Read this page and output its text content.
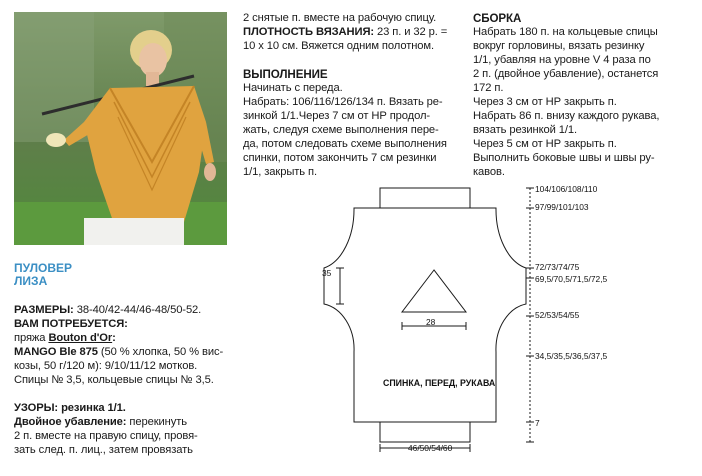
ПУЛОВЕР
ЛИЗА
РАЗМЕРЫ: 38-40/42-44/46-48/50-52.
ВАМ ПОТРЕБУЕТСЯ:
пряжа Bouton d'Or:
MANGO Ble 875 (50 % хлопка, 50 % вис-
козы, 50 г/120 м): 9/10/11/12 мотков.
Спицы № 3,5, кольцевые спицы № 3,5.
УЗОРЫ: резинка 1/1.
Двойное убавление: перекинуть
2 п. вместе на правую спицу, провя-
зать след. п. лиц., затем провязать
2 снятые п. вместе на рабочую спицу.
ПЛОТНОСТЬ ВЯЗАНИЯ: 23 п. и 32 р. =
10 х 10 см. Вяжется одним полотном.
ВЫПОЛНЕНИЕ
Начинать с переда.
Набрать: 106/116/126/134 п. Вязать ре-
зинкой 1/1.Через 7 см от НР продол-
жать, следуя схеме выполнения пере-
да, потом следовать схеме выполнения
спинки, потом закончить 7 см резинки
1/1, закрыть п.
СБОРКА
Набрать 180 п. на кольцевые спицы
вокруг горловины, вязать резинку
1/1, убавляя на уровне V 4 раза по
2 п. (двойное убавление), останется
172 п.
Через 3 см от НР закрыть п.
Набрать 86 п. внизу каждого рукава,
вязать резинкой 1/1.
Через 5 см от НР закрыть п.
Выполнить боковые швы и швы ру-
кавов.
СПИНКА, ПЕРЕД, РУКАВА
28
46/50/54/60
35
104/106/108/110
97/99/101/103
72/73/74/75
69,5/70,5/71,5/72,5
52/53/54/55
34,5/35,5/36,5/37,5
7
